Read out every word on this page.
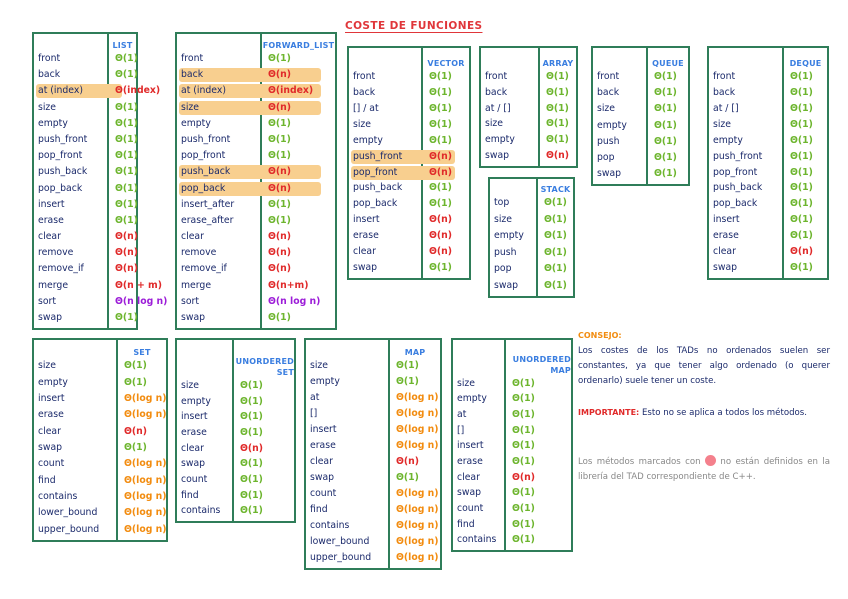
COSTE DE FUNCIONES
LIST
front	Θ(1)
back	Θ(1)
at (index)	Θ(index)
size	Θ(1)
empty	Θ(1)
push_front	Θ(1)
pop_front	Θ(1)
push_back	Θ(1)
pop_back	Θ(1)
insert	Θ(1)
erase	Θ(1)
clear	Θ(n)
remove	Θ(n)
remove_if	Θ(n)
merge	Θ(n + m)
sort	Θ(n log n)
swap	Θ(1)
FORWARD_LIST
front	Θ(1)
back	Θ(n)
at (index)	Θ(index)
size	Θ(n)
empty	Θ(1)
push_front	Θ(1)
pop_front	Θ(1)
push_back	Θ(n)
pop_back	Θ(n)
insert_after	Θ(1)
erase_after	Θ(1)
clear	Θ(n)
remove	Θ(n)
remove_if	Θ(n)
merge	Θ(n+m)
sort	Θ(n log n)
swap	Θ(1)
VECTOR
front	Θ(1)
back	Θ(1)
[] / at	Θ(1)
size	Θ(1)
empty	Θ(1)
push_front	Θ(n)
pop_front	Θ(n)
push_back	Θ(1)
pop_back	Θ(1)
insert	Θ(n)
erase	Θ(n)
clear	Θ(n)
swap	Θ(1)
ARRAY
front	Θ(1)
back	Θ(1)
at / []	Θ(1)
size	Θ(1)
empty	Θ(1)
swap	Θ(n)
STACK
top	Θ(1)
size	Θ(1)
empty	Θ(1)
push	Θ(1)
pop	Θ(1)
swap	Θ(1)
QUEUE
front	Θ(1)
back	Θ(1)
size	Θ(1)
empty	Θ(1)
push	Θ(1)
pop	Θ(1)
swap	Θ(1)
DEQUE
front	Θ(1)
back	Θ(1)
at / []	Θ(1)
size	Θ(1)
empty	Θ(1)
push_front	Θ(1)
pop_front	Θ(1)
push_back	Θ(1)
pop_back	Θ(1)
insert	Θ(1)
erase	Θ(1)
clear	Θ(n)
swap	Θ(1)
SET
size	Θ(1)
empty	Θ(1)
insert	Θ(log n)
erase	Θ(log n)
clear	Θ(n)
swap	Θ(1)
count	Θ(log n)
find	Θ(log n)
contains	Θ(log n)
lower_bound	Θ(log n)
upper_bound	Θ(log n)
UNORDERED
SET
size	Θ(1)
empty	Θ(1)
insert	Θ(1)
erase	Θ(1)
clear	Θ(n)
swap	Θ(1)
count	Θ(1)
find	Θ(1)
contains	Θ(1)
MAP
size	Θ(1)
empty	Θ(1)
at	Θ(log n)
[]	Θ(log n)
insert	Θ(log n)
erase	Θ(log n)
clear	Θ(n)
swap	Θ(1)
count	Θ(log n)
find	Θ(log n)
contains	Θ(log n)
lower_bound	Θ(log n)
upper_bound	Θ(log n)
UNORDERED
MAP
size	Θ(1)
empty	Θ(1)
at	Θ(1)
[]	Θ(1)
insert	Θ(1)
erase	Θ(1)
clear	Θ(n)
swap	Θ(1)
count	Θ(1)
find	Θ(1)
contains	Θ(1)
CONSEJO:
Los costes de los TADs no ordenados suelen ser constantes, ya que tener algo ordenado (o querer ordenarlo) suele tener un coste.
IMPORTANTE: Esto no se aplica a todos los métodos.
Los métodos marcados con no están definidos en la librería del TAD correspondiente de C++.
